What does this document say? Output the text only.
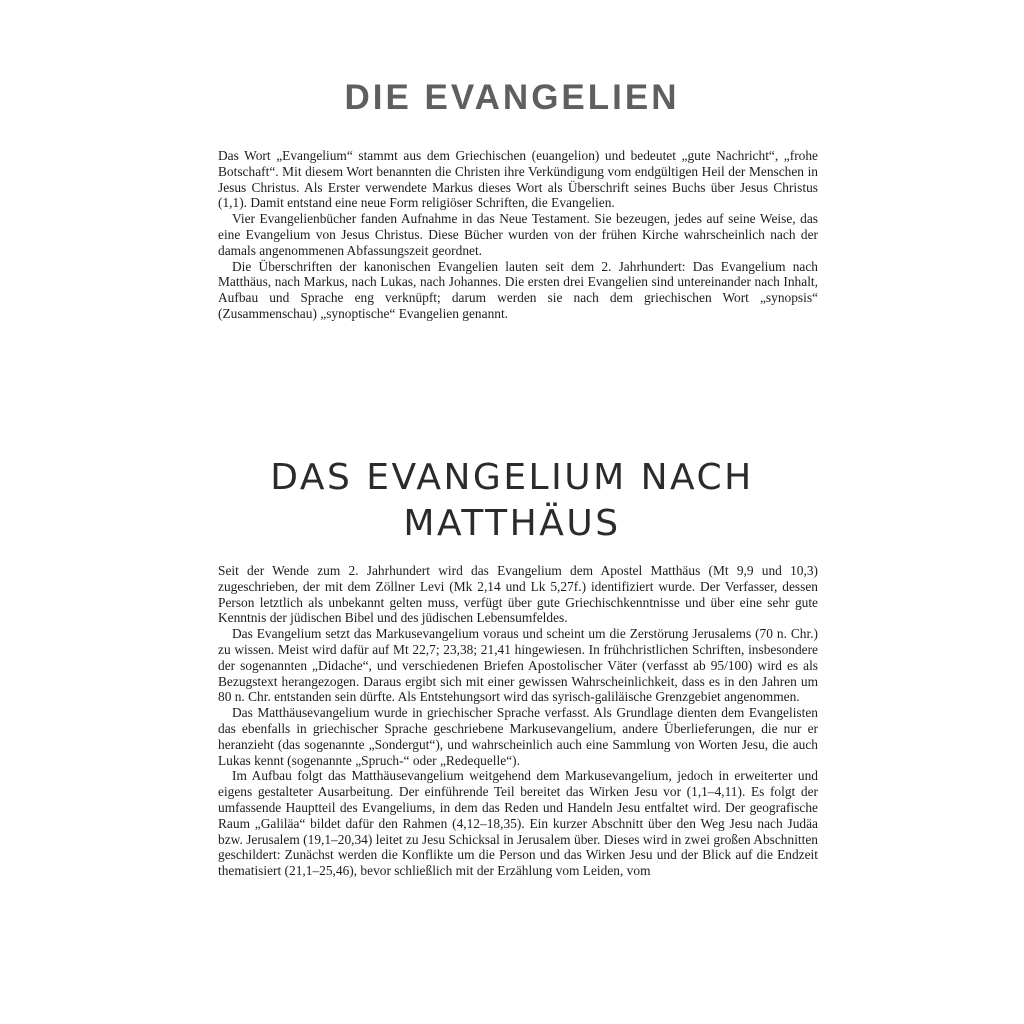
DIE EVANGELIEN

Das Wort „Evangelium“ stammt aus dem Griechischen (euangelion) und bedeutet „gute Nachricht“, „frohe Botschaft“. Mit diesem Wort benannten die Christen ihre Verkündigung vom endgültigen Heil der Menschen in Jesus Christus. Als Erster verwendete Markus dieses Wort als Überschrift seines Buchs über Jesus Christus (1,1). Damit entstand eine neue Form religiöser Schriften, die Evangelien.

Vier Evangelienbücher fanden Aufnahme in das Neue Testament. Sie bezeugen, jedes auf seine Weise, das eine Evangelium von Jesus Christus. Diese Bücher wurden von der frühen Kirche wahrscheinlich nach der damals angenommenen Abfassungszeit geordnet.

Die Überschriften der kanonischen Evangelien lauten seit dem 2. Jahrhundert: Das Evangelium nach Matthäus, nach Markus, nach Lukas, nach Johannes. Die ersten drei Evangelien sind untereinander nach Inhalt, Aufbau und Sprache eng verknüpft; darum werden sie nach dem griechischen Wort „synopsis“ (Zusammenschau) „synoptische“ Evangelien genannt.

DAS EVANGELIUM NACH
MATTHÄUS

Seit der Wende zum 2. Jahrhundert wird das Evangelium dem Apostel Matthäus (Mt 9,9 und 10,3) zugeschrieben, der mit dem Zöllner Levi (Mk 2,14 und Lk 5,27f.) identifiziert wurde. Der Verfasser, dessen Person letztlich als unbekannt gelten muss, verfügt über gute Griechischkenntnisse und über eine sehr gute Kenntnis der jüdischen Bibel und des jüdischen Lebensumfeldes.

Das Evangelium setzt das Markusevangelium voraus und scheint um die Zerstörung Jerusalems (70 n. Chr.) zu wissen. Meist wird dafür auf Mt 22,7; 23,38; 21,41 hingewiesen. In frühchristlichen Schriften, insbesondere der sogenannten „Didache“, und verschiedenen Briefen Apostolischer Väter (verfasst ab 95/100) wird es als Bezugstext herangezogen. Daraus ergibt sich mit einer gewissen Wahrscheinlichkeit, dass es in den Jahren um 80 n. Chr. entstanden sein dürfte. Als Entstehungsort wird das syrisch-galiläische Grenzgebiet angenommen.

Das Matthäusevangelium wurde in griechischer Sprache verfasst. Als Grundlage dienten dem Evangelisten das ebenfalls in griechischer Sprache geschriebene Markusevangelium, andere Überlieferungen, die nur er heranzieht (das sogenannte „Sondergut“), und wahrscheinlich auch eine Sammlung von Worten Jesu, die auch Lukas kennt (sogenannte „Spruch-“ oder „Redequelle“).

Im Aufbau folgt das Matthäusevangelium weitgehend dem Markusevangelium, jedoch in erweiterter und eigens gestalteter Ausarbeitung. Der einführende Teil bereitet das Wirken Jesu vor (1,1–4,11). Es folgt der umfassende Hauptteil des Evangeliums, in dem das Reden und Handeln Jesu entfaltet wird. Der geografische Raum „Galiläa“ bildet dafür den Rahmen (4,12–18,35). Ein kurzer Abschnitt über den Weg Jesu nach Judäa bzw. Jerusalem (19,1–20,34) leitet zu Jesu Schicksal in Jerusalem über. Dieses wird in zwei großen Abschnitten geschildert: Zunächst werden die Konflikte um die Person und das Wirken Jesu und der Blick auf die Endzeit thematisiert (21,1–25,46), bevor schließlich mit der Erzählung vom Leiden, vom
